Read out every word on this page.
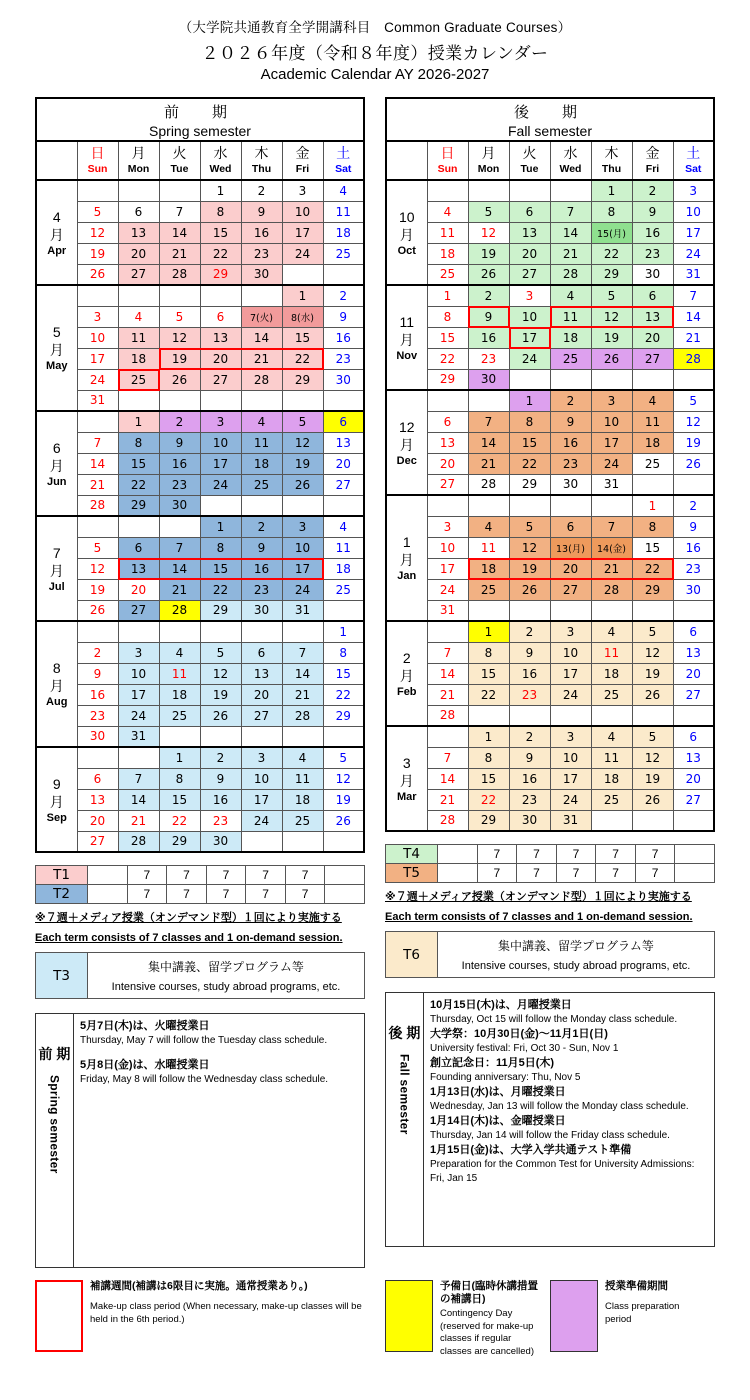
（大学院共通教育全学開講科目　Common Graduate Courses）
２０２６年度（令和８年度）授業カレンダー
Academic Calendar AY 2026-2027
前　期
Spring semester							

	日
Sun	月
Mon	火
Tue	水
Wed	木
Thu	金
Fri	土
Sat

4
月
Apr				1	2	3	4
	5	6	7	8	9	10	11
	12	13	14	15	16	17	18
	19	20	21	22	23	24	25
	26	27	28	29	30		

5
月
May						1	2
	3	4	5	6	7(火)	8(水)	9
	10	11	12	13	14	15	16
	17	18	19	20	21	22	23
	24	25	26	27	28	29	30
	31						

6
月
Jun		1	2	3	4	5	6
	7	8	9	10	11	12	13
	14	15	16	17	18	19	20
	21	22	23	24	25	26	27
	28	29	30				

7
月
Jul				1	2	3	4
	5	6	7	8	9	10	11
	12	13	14	15	16	17	18
	19	20	21	22	23	24	25
	26	27	28	29	30	31	

8
月
Aug							1
	2	3	4	5	6	7	8
	9	10	11	12	13	14	15
	16	17	18	19	20	21	22
	23	24	25	26	27	28	29
	30	31					

9
月
Sep			1	2	3	4	5
	6	7	8	9	10	11	12
	13	14	15	16	17	18	19
	20	21	22	23	24	25	26
	27	28	29	30			
T1		7	7	7	7	7	
T2		7	7	7	7	7	
※７週＋メディア授業（オンデマンド型）１回により実施する
Each term consists of 7 classes and 1 on-demand session.
T3	
集中講義、留学プログラム等
Intensive courses, study abroad programs, etc.
前 期
Spring semester

5月7日(木)は、火曜授業日
Thursday, May 7 will follow the Tuesday class schedule.
5月8日(金)は、水曜授業日
Friday, May 8 will follow the Wednesday class schedule.
後　期
Fall semester							

	日
Sun	月
Mon	火
Tue	水
Wed	木
Thu	金
Fri	土
Sat

10
月
Oct					1	2	3
	4	5	6	7	8	9	10
	11	12	13	14	15(月)	16	17
	18	19	20	21	22	23	24
	25	26	27	28	29	30	31

11
月
Nov	1	2	3	4	5	6	7
	8	9	10	11	12	13	14
	15	16	17	18	19	20	21
	22	23	24	25	26	27	28
	29	30					

12
月
Dec			1	2	3	4	5
	6	7	8	9	10	11	12
	13	14	15	16	17	18	19
	20	21	22	23	24	25	26
	27	28	29	30	31		

1
月
Jan						1	2
	3	4	5	6	7	8	9
	10	11	12	13(月)	14(金)	15	16
	17	18	19	20	21	22	23
	24	25	26	27	28	29	30
	31						

2
月
Feb		1	2	3	4	5	6
	7	8	9	10	11	12	13
	14	15	16	17	18	19	20
	21	22	23	24	25	26	27
	28						

3
月
Mar		1	2	3	4	5	6
	7	8	9	10	11	12	13
	14	15	16	17	18	19	20
	21	22	23	24	25	26	27
	28	29	30	31			
T4		7	7	7	7	7	
T5		7	7	7	7	7	
※７週＋メディア授業（オンデマンド型）１回により実施する
Each term consists of 7 classes and 1 on-demand session.
T6	
集中講義、留学プログラム等
Intensive courses, study abroad programs, etc.
後 期
Fall semester

10月15日(木)は、月曜授業日
Thursday, Oct 15 will follow the Monday class schedule.
大学祭：10月30日(金)～11月1日(日)
University festival: Fri, Oct 30 - Sun, Nov 1
創立記念日：11月5日(木)
Founding anniversary: Thu, Nov 5
1月13日(水)は、月曜授業日
Wednesday, Jan 13 will follow the Monday class schedule.
1月14日(木)は、金曜授業日
Thursday, Jan 14 will follow the Friday class schedule.
1月15日(金)は、大学入学共通テスト準備
Preparation for the Common Test for University Admissions: Fri, Jan 15
補講週間(補講は6限目に実施。通常授業あり。)
Make-up class period (When necessary, make-up classes will be held in the 6th period.)
予備日(臨時休講措置の補講日)
Contingency Day (reserved for make-up classes if regular classes are cancelled)
授業準備期間
Class preparation period
